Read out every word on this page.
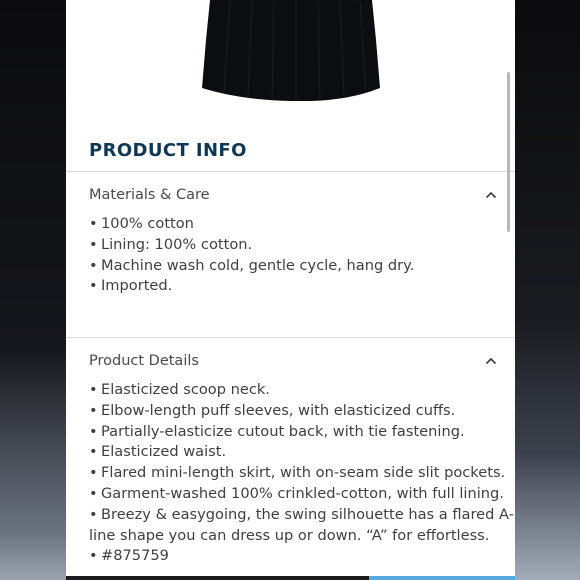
PRODUCT INFO
Materials & Care
• 100% cotton
• Lining: 100% cotton.
• Machine wash cold, gentle cycle, hang dry.
• Imported.
Product Details
• Elasticized scoop neck.
• Elbow-length puff sleeves, with elasticized cuffs.
• Partially-elasticize cutout back, with tie fastening.
• Elasticized waist.
• Flared mini-length skirt, with on-seam side slit pockets.
• Garment-washed 100% crinkled-cotton, with full lining.
• Breezy & easygoing, the swing silhouette has a flared A-line shape you can dress up or down. “A” for effortless.
• #875759
